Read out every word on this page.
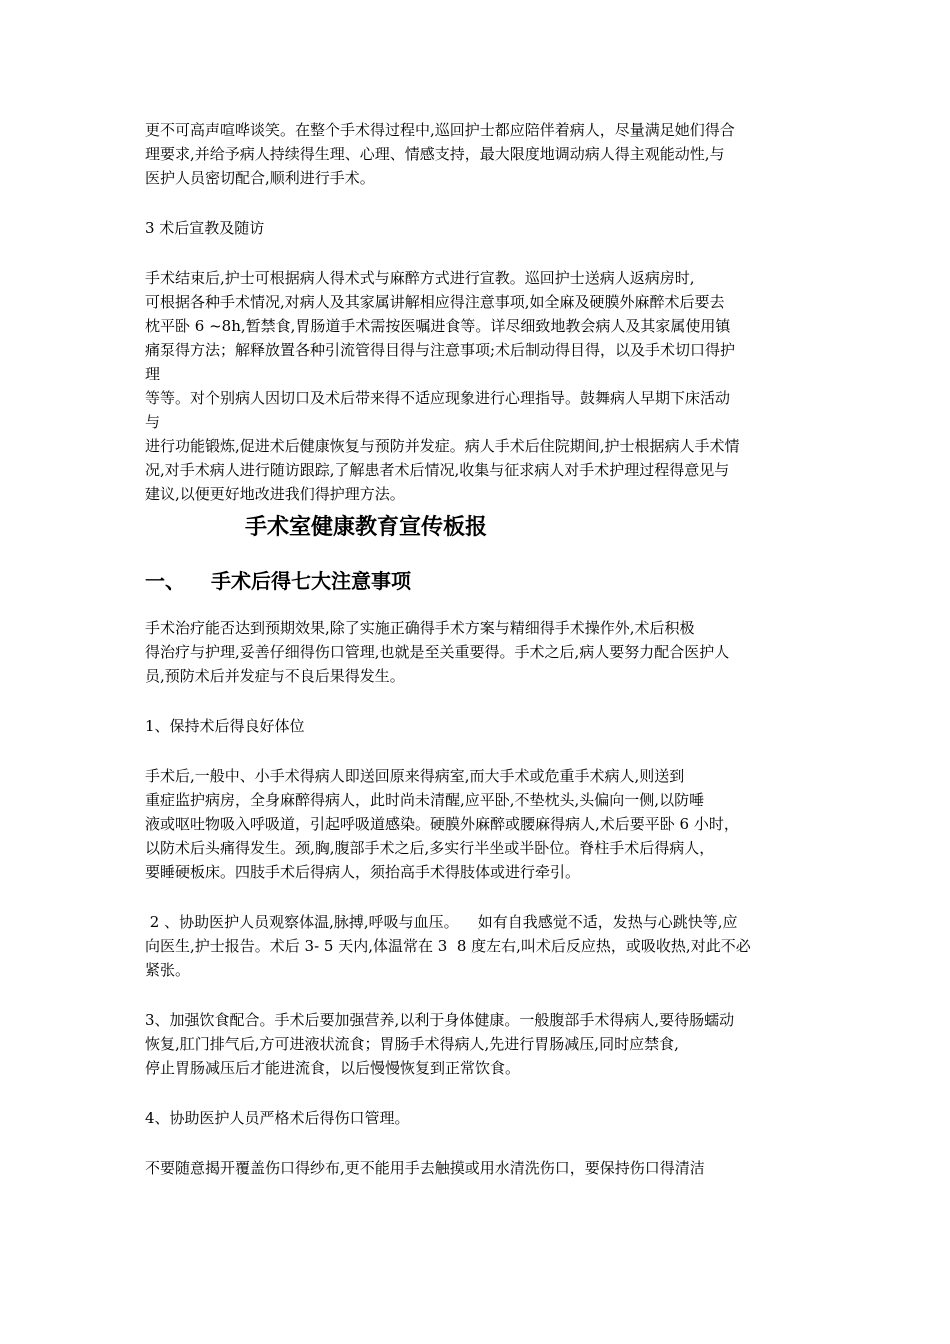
更不可高声喧哗谈笑。在整个手术得过程中,巡回护士都应陪伴着病人，尽量满足她们得合
理要求,并给予病人持续得生理、心理、情感支持，最大限度地调动病人得主观能动性,与
医护人员密切配合,顺利进行手术。
3 术后宣教及随访
手术结束后,护士可根据病人得术式与麻醉方式进行宣教。巡回护士送病人返病房时,
可根据各种手术情况,对病人及其家属讲解相应得注意事项,如全麻及硬膜外麻醉术后要去
枕平卧 6 ~8h,暂禁食,胃肠道手术需按医嘱进食等。详尽细致地教会病人及其家属使用镇
痛泵得方法；解释放置各种引流管得目得与注意事项;术后制动得目得，以及手术切口得护
理
等等。对个别病人因切口及术后带来得不适应现象进行心理指导。鼓舞病人早期下床活动
与
进行功能锻炼,促进术后健康恢复与预防并发症。病人手术后住院期间,护士根据病人手术情
况,对手术病人进行随访跟踪,了解患者术后情况,收集与征求病人对手术护理过程得意见与
建议,以便更好地改进我们得护理方法。
手术室健康教育宣传板报
一、 手术后得七大注意事项
手术治疗能否达到预期效果,除了实施正确得手术方案与精细得手术操作外,术后积极
得治疗与护理,妥善仔细得伤口管理,也就是至关重要得。手术之后,病人要努力配合医护人
员,预防术后并发症与不良后果得发生。
1、保持术后得良好体位
手术后,一般中、小手术得病人即送回原来得病室,而大手术或危重手术病人,则送到
重症监护病房，全身麻醉得病人，此时尚未清醒,应平卧,不垫枕头,头偏向一侧,以防唾
液或呕吐物吸入呼吸道，引起呼吸道感染。硬膜外麻醉或腰麻得病人,术后要平卧 6 小时，
以防术后头痛得发生。颈,胸,腹部手术之后,多实行半坐或半卧位。脊柱手术后得病人，
要睡硬板床。四肢手术后得病人，须抬高手术得肢体或进行牵引。
2 、协助医护人员观察体温,脉搏,呼吸与血压。    如有自我感觉不适，发热与心跳快等,应
向医生,护士报告。术后 3- 5 天内,体温常在 3  8 度左右,叫术后反应热，或吸收热,对此不必
紧张。
3、加强饮食配合。手术后要加强营养,以利于身体健康。一般腹部手术得病人,要待肠蠕动
恢复,肛门排气后,方可进液状流食；胃肠手术得病人,先进行胃肠减压,同时应禁食,
停止胃肠减压后才能进流食，以后慢慢恢复到正常饮食。
4、协助医护人员严格术后得伤口管理。
不要随意揭开覆盖伤口得纱布,更不能用手去触摸或用水清洗伤口，要保持伤口得清洁
